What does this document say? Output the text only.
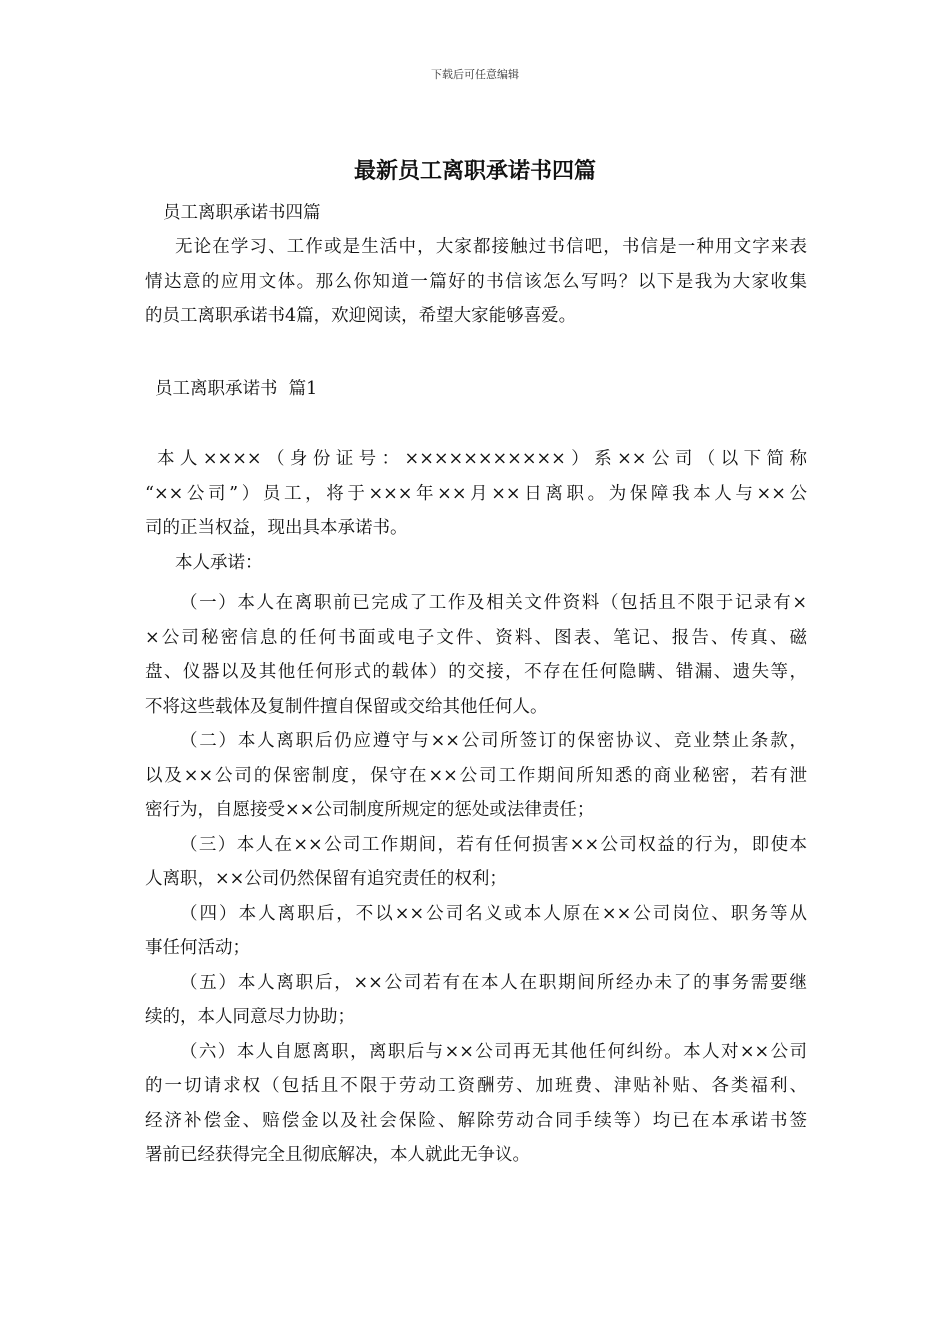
下载后可任意编辑
最新员工离职承诺书四篇
员工离职承诺书四篇
无论在学习、工作或是生活中，大家都接触过书信吧，书信是一种用文字来表
情达意的应用文体。那么你知道一篇好的书信该怎么写吗？以下是我为大家收集
的员工离职承诺书4篇，欢迎阅读，希望大家能够喜爱。
员工离职承诺书  篇1
本人××××（身份证号：×××××××××××）系××公司（以下简称
“××公司”）员工，将于×××年××月××日离职。为保障我本人与××公
司的正当权益，现出具本承诺书。
本人承诺：
（一）本人在离职前已完成了工作及相关文件资料（包括且不限于记录有×
×公司秘密信息的任何书面或电子文件、资料、图表、笔记、报告、传真、磁
盘、仪器以及其他任何形式的载体）的交接，不存在任何隐瞒、错漏、遗失等，
不将这些载体及复制件擅自保留或交给其他任何人。
（二）本人离职后仍应遵守与××公司所签订的保密协议、竞业禁止条款，
以及××公司的保密制度，保守在××公司工作期间所知悉的商业秘密，若有泄
密行为，自愿接受××公司制度所规定的惩处或法律责任；
（三）本人在××公司工作期间，若有任何损害××公司权益的行为，即使本
人离职，××公司仍然保留有追究责任的权利；
（四）本人离职后，不以××公司名义或本人原在××公司岗位、职务等从
事任何活动；
（五）本人离职后，××公司若有在本人在职期间所经办未了的事务需要继
续的，本人同意尽力协助；
（六）本人自愿离职，离职后与××公司再无其他任何纠纷。本人对××公司
的一切请求权（包括且不限于劳动工资酬劳、加班费、津贴补贴、各类福利、
经济补偿金、赔偿金以及社会保险、解除劳动合同手续等）均已在本承诺书签
署前已经获得完全且彻底解决，本人就此无争议。
